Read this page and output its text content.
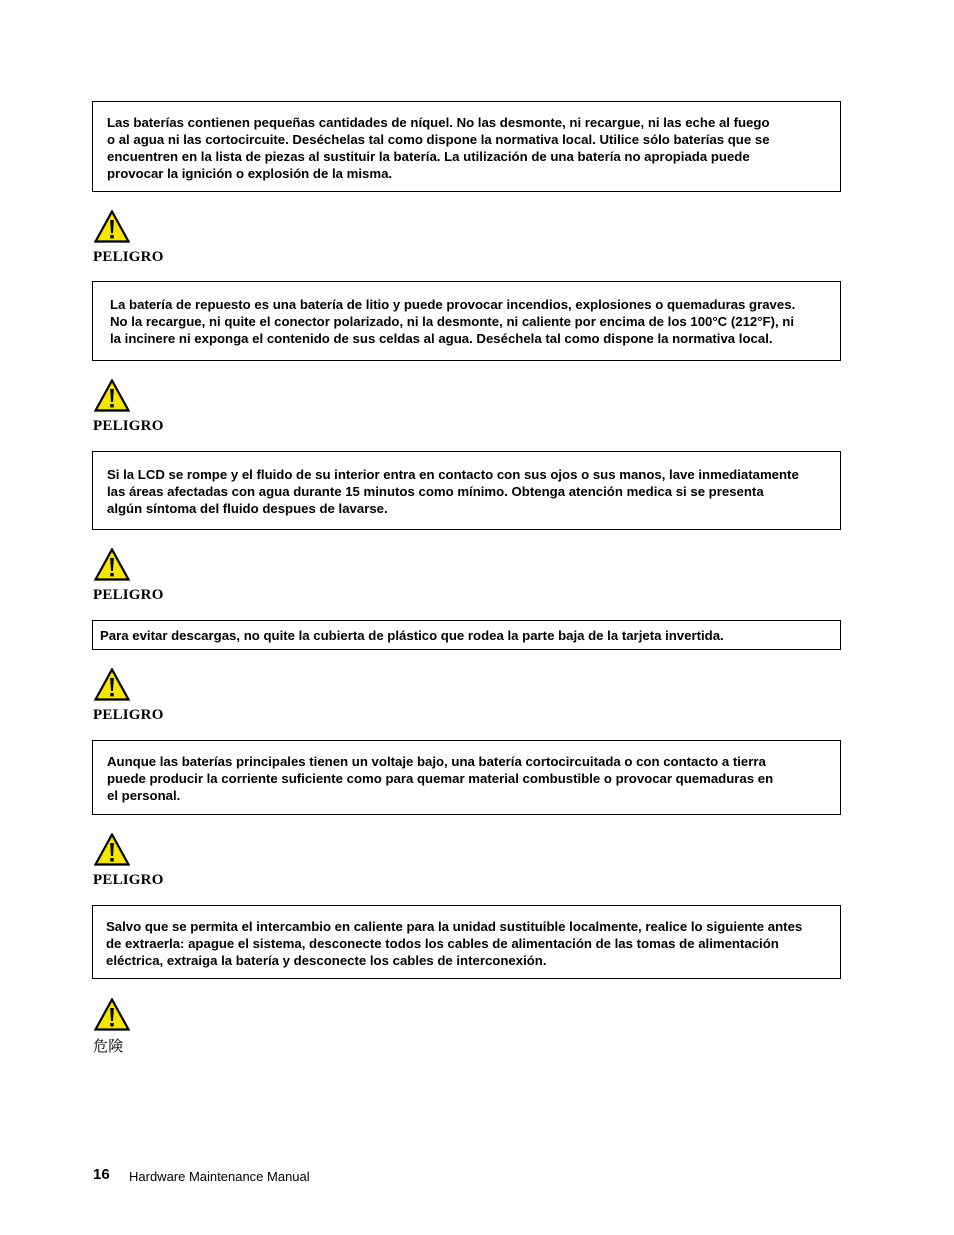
Las baterías contienen pequeñas cantidades de níquel. No las desmonte, ni recargue, ni las eche al fuego
o al agua ni las cortocircuite. Deséchelas tal como dispone la normativa local. Utilice sólo baterías que se
encuentren en la lista de piezas al sustituir la batería. La utilización de una batería no apropiada puede
provocar la ignición o explosión de la misma.

PELIGRO

La batería de repuesto es una batería de litio y puede provocar incendios, explosiones o quemaduras graves.
No la recargue, ni quite el conector polarizado, ni la desmonte, ni caliente por encima de los 100°C (212°F), ni
la incinere ni exponga el contenido de sus celdas al agua. Deséchela tal como dispone la normativa local.

PELIGRO

Si la LCD se rompe y el fluido de su interior entra en contacto con sus ojos o sus manos, lave inmediatamente
las áreas afectadas con agua durante 15 minutos como mínimo. Obtenga atención medica si se presenta
algún síntoma del fluido despues de lavarse.

PELIGRO

Para evitar descargas, no quite la cubierta de plástico que rodea la parte baja de la tarjeta invertida.

PELIGRO

Aunque las baterías principales tienen un voltaje bajo, una batería cortocircuitada o con contacto a tierra
puede producir la corriente suficiente como para quemar material combustible o provocar quemaduras en
el personal.

PELIGRO

Salvo que se permita el intercambio en caliente para la unidad sustituible localmente, realice lo siguiente antes
de extraerla: apague el sistema, desconecte todos los cables de alimentación de las tomas de alimentación
eléctrica, extraiga la batería y desconecte los cables de interconexión.

危険
16 Hardware Maintenance Manual
